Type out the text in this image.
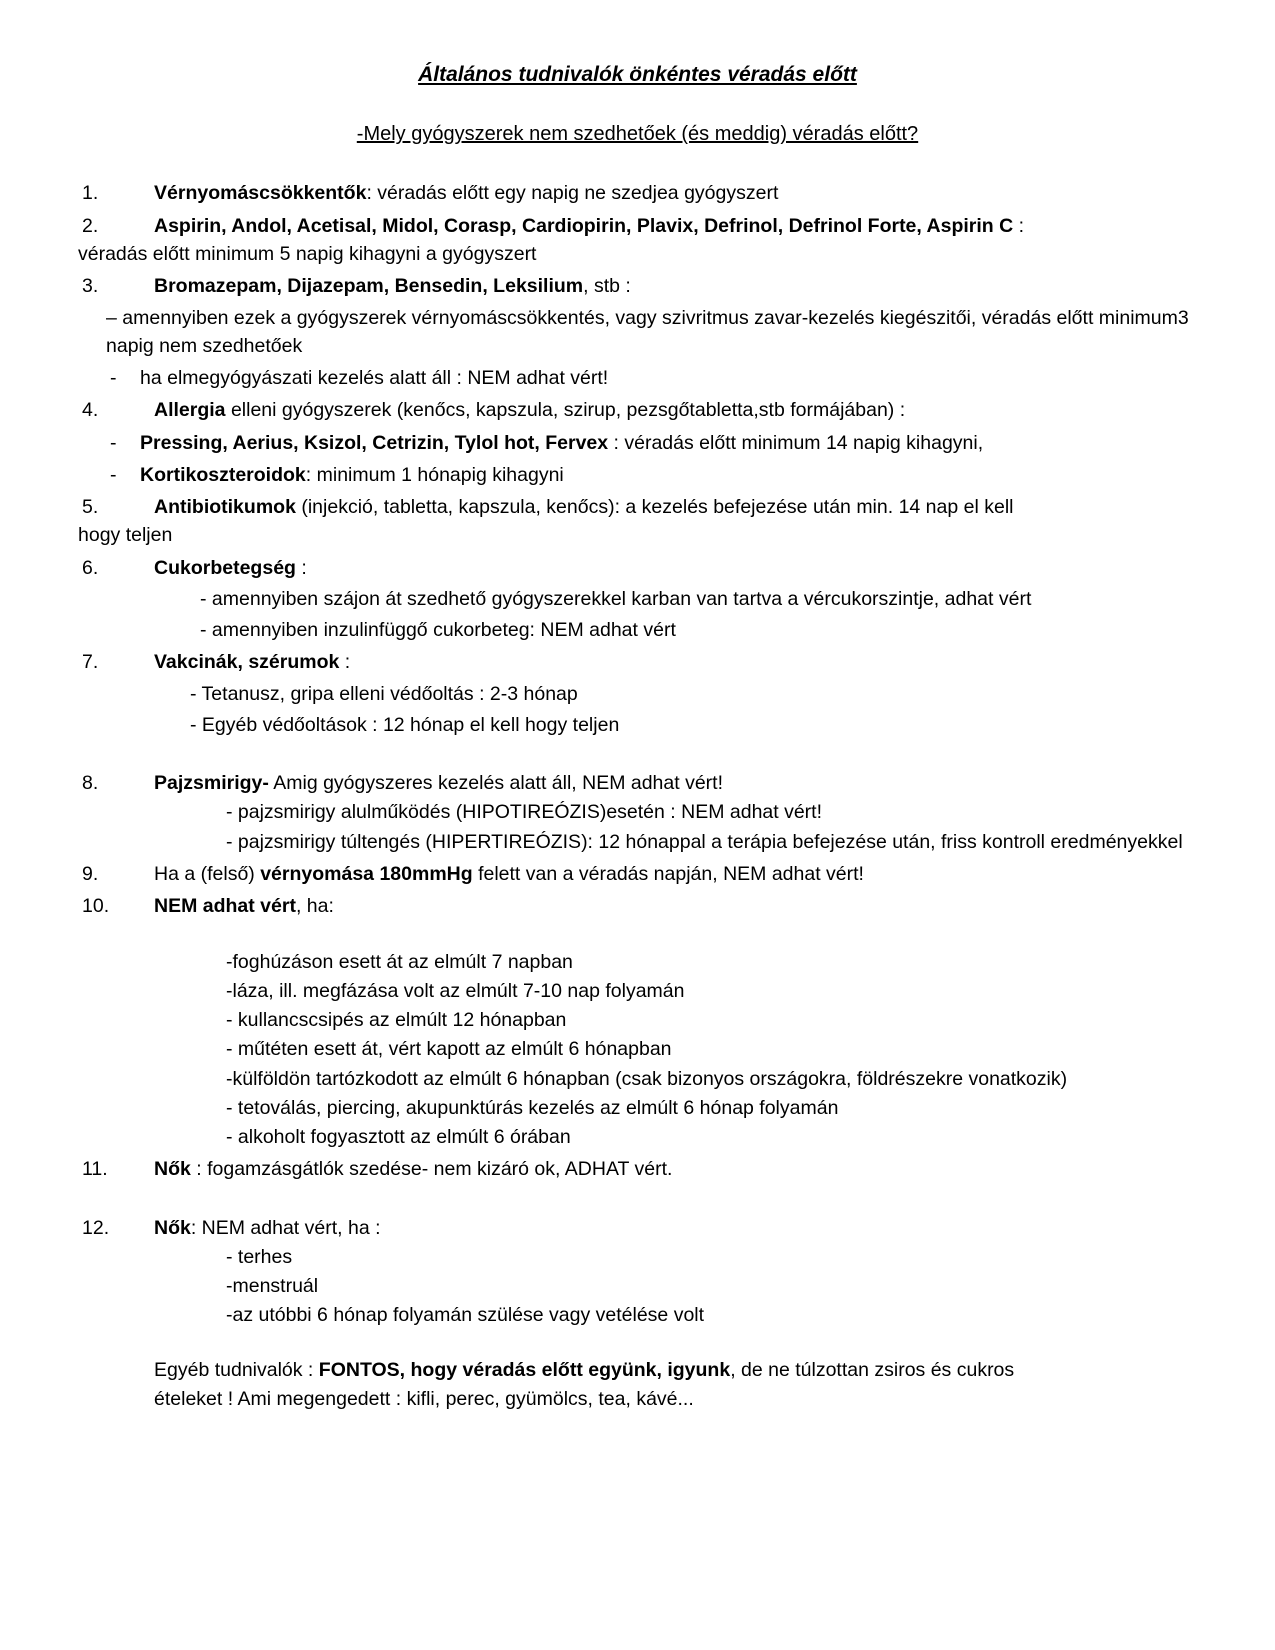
Általános tudnivalók önkéntes véradás előtt
-Mely gyógyszerek nem szedhetőek (és meddig) véradás előtt?
1.	Vérnyomáscsökkentők: véradás előtt egy napig ne szedjea gyógyszert
2.	Aspirin, Andol, Acetisal, Midol, Corasp, Cardiopirin, Plavix, Defrinol, Defrinol Forte, Aspirin C :
véradás előtt minimum 5 napig kihagyni a gyógyszert
3.	Bromazepam, Dijazepam, Bensedin, Leksilium, stb :
– amennyiben ezek a gyógyszerek vérnyomáscsökkentés, vagy szivritmus zavar-kezelés kiegészitői, véradás előtt minimum3 napig nem szedhetőek
-	ha elmegyógyászati kezelés alatt áll : NEM adhat vért!
4.	Allergia elleni gyógyszerek (kenőcs, kapszula, szirup, pezsgőtabletta,stb formájában) :
-	Pressing, Aerius, Ksizol, Cetrizin, Tylol hot, Fervex : véradás előtt minimum 14 napig kihagyni,
-	Kortikoszteroidok: minimum 1 hónapig kihagyni
5.	Antibiotikumok (injekció, tabletta, kapszula, kenőcs): a kezelés befejezése után min. 14 nap el kell
hogy teljen
6.	Cukorbetegség :
- amennyiben szájon át szedhető gyógyszerekkel karban van tartva a vércukorszintje, adhat vért
- amennyiben inzulinfüggő cukorbeteg: NEM adhat vért
7.	Vakcinák, szérumok :
- Tetanusz, gripa elleni védőoltás : 2-3 hónap
- Egyéb védőoltások : 12 hónap el kell hogy teljen
8.	Pajzsmirigy- Amig gyógyszeres kezelés alatt áll, NEM adhat vért!
- pajzsmirigy alulműködés (HIPOTIREÓZIS)esetén : NEM adhat vért!
- pajzsmirigy túltengés (HIPERTIREÓZIS): 12 hónappal a terápia befejezése után, friss kontroll eredményekkel
9.	Ha a (felső) vérnyomása 180mmHg felett van a véradás napján, NEM adhat vért!
10.	NEM adhat vért, ha:
-foghúzáson esett át az elmúlt 7 napban
-láza, ill. megfázása volt az elmúlt 7-10 nap folyamán
- kullancscsipés az elmúlt 12 hónapban
- műtéten esett át, vért kapott az elmúlt 6 hónapban
-külföldön tartózkodott az elmúlt 6 hónapban (csak bizonyos országokra, földrészekre vonatkozik)
- tetoválás, piercing, akupunktúrás kezelés az elmúlt 6 hónap folyamán
- alkoholt fogyasztott az elmúlt 6 órában
11.	Nők : fogamzásgátlók szedése- nem kizáró ok, ADHAT vért.
12.	Nők: NEM adhat vért, ha :
- terhes
-menstruál
-az utóbbi 6 hónap folyamán szülése vagy vetélése volt
Egyéb tudnivalók : FONTOS, hogy véradás előtt együnk, igyunk, de ne túlzottan zsiros és cukros
ételeket ! Ami megengedett : kifli, perec, gyümölcs, tea, kávé...
